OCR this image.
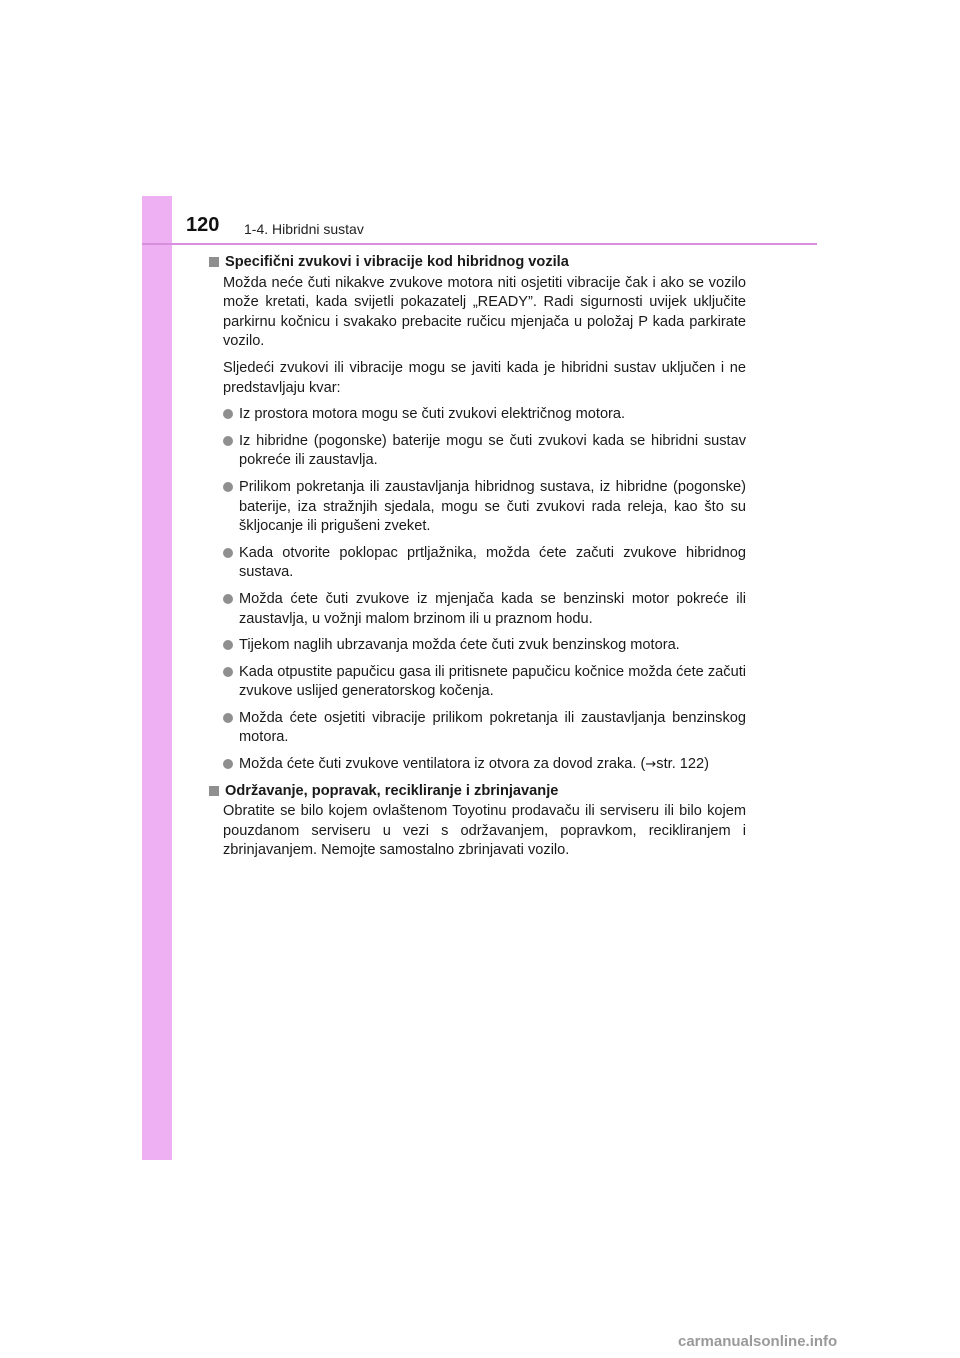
120 1-4. Hibridni sustav
Specifični zvukovi i vibracije kod hibridnog vozila

Možda neće čuti nikakve zvukove motora niti osjetiti vibracije čak i ako se vozilo može kretati, kada svijetli pokazatelj „READY”. Radi sigurnosti uvijek uključite parkirnu kočnicu i svakako prebacite ručicu mjenjača u položaj P kada parkirate vozilo.

Sljedeći zvukovi ili vibracije mogu se javiti kada je hibridni sustav uključen i ne predstavljaju kvar:

Iz prostora motora mogu se čuti zvukovi električnog motora.
Iz hibridne (pogonske) baterije mogu se čuti zvukovi kada se hibridni sustav pokreće ili zaustavlja.
Prilikom pokretanja ili zaustavljanja hibridnog sustava, iz hibridne (pogonske) baterije, iza stražnjih sjedala, mogu se čuti zvukovi rada releja, kao što su škljocanje ili prigušeni zveket.
Kada otvorite poklopac prtljažnika, možda ćete začuti zvukove hibridnog sustava.
Možda ćete čuti zvukove iz mjenjača kada se benzinski motor pokreće ili zaustavlja, u vožnji malom brzinom ili u praznom hodu.
Tijekom naglih ubrzavanja možda ćete čuti zvuk benzinskog motora.
Kada otpustite papučicu gasa ili pritisnete papučicu kočnice možda ćete začuti zvukove uslijed generatorskog kočenja.
Možda ćete osjetiti vibracije prilikom pokretanja ili zaustavljanja benzinskog motora.
Možda ćete čuti zvukove ventilatora iz otvora za dovod zraka. (→str. 122)
Održavanje, popravak, recikliranje i zbrinjavanje

Obratite se bilo kojem ovlaštenom Toyotinu prodavaču ili serviseru ili bilo kojem pouzdanom serviseru u vezi s održavanjem, popravkom, recikliranjem i zbrinjavanjem. Nemojte samostalno zbrinjavati vozilo.

carmanualsonline.info
